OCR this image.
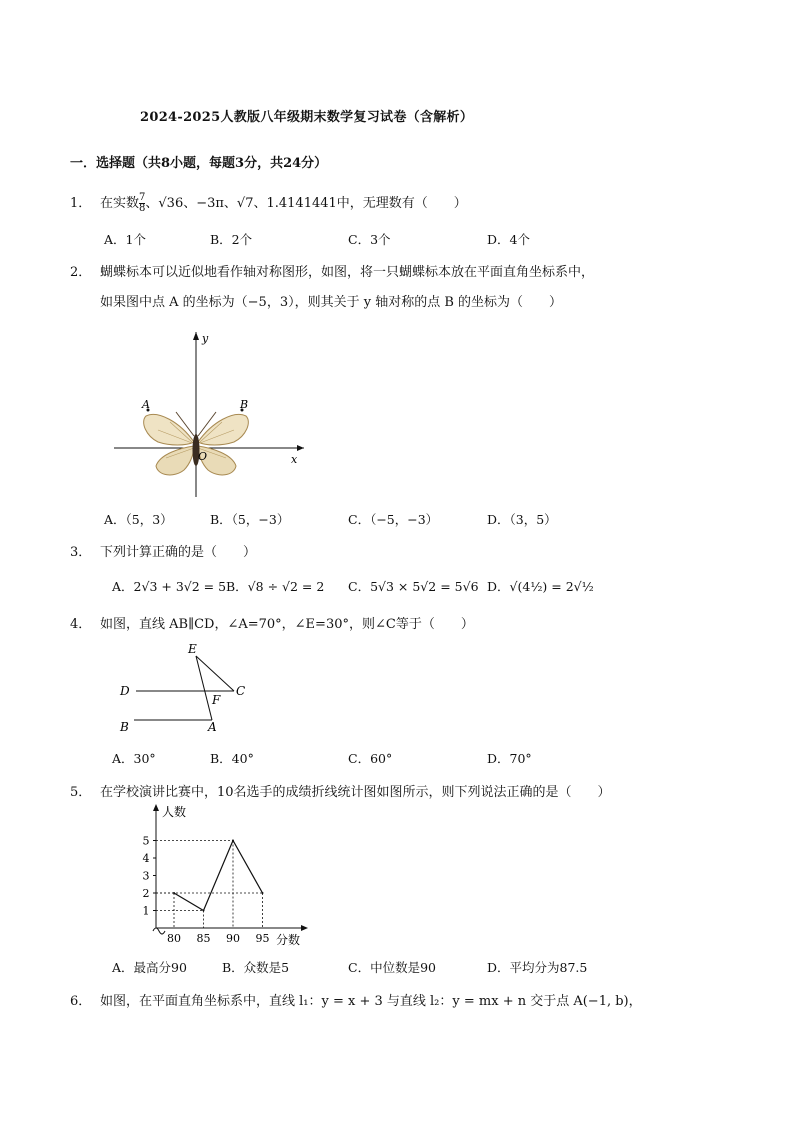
2024-2025人教版八年级期末数学复习试卷（含解析）
一．选择题（共8小题，每题3分，共24分）
1． 在实数 $\frac{7}{8}$ 、√36、−3π、√7、1.4141441中，无理数有（　　）
A．1个	B．2个	C．3个	D．4个
2． 蝴蝶标本可以近似地看作轴对称图形，如图，将一只蝴蝶标本放在平面直角坐标系中，
如果图中点 A 的坐标为（−5，3），则其关于 y 轴对称的点 B 的坐标为（　　）
y
x
A	B
O
A．（5，3）	B．（5，−3）	C．（−5，−3）	D．（3，5）
3． 下列计算正确的是（　　）
A．2√3 + 3√2 = 5 B．√8 ÷ √2 = 2 C．5√3 × 5√2 = 5√6 D．√(4½) = 2√½
4． 如图，直线 AB∥CD，∠A=70°，∠E=30°，则∠C等于（　　）
E
D	C
F
B	A
A．30°	B．40°	C．60°	D．70°
5． 在学校演讲比赛中，10名选手的成绩折线统计图如图所示，则下列说法正确的是（　　）
人数
分数
1
2
3
4
5
80 85 90 95
A．最高分90	B．众数是5	C．中位数是90	D．平均分为87.5
6． 如图，在平面直角坐标系中，直线 l₁：y = x + 3 与直线 l₂：y = mx + n 交于点 A(−1, b)，
